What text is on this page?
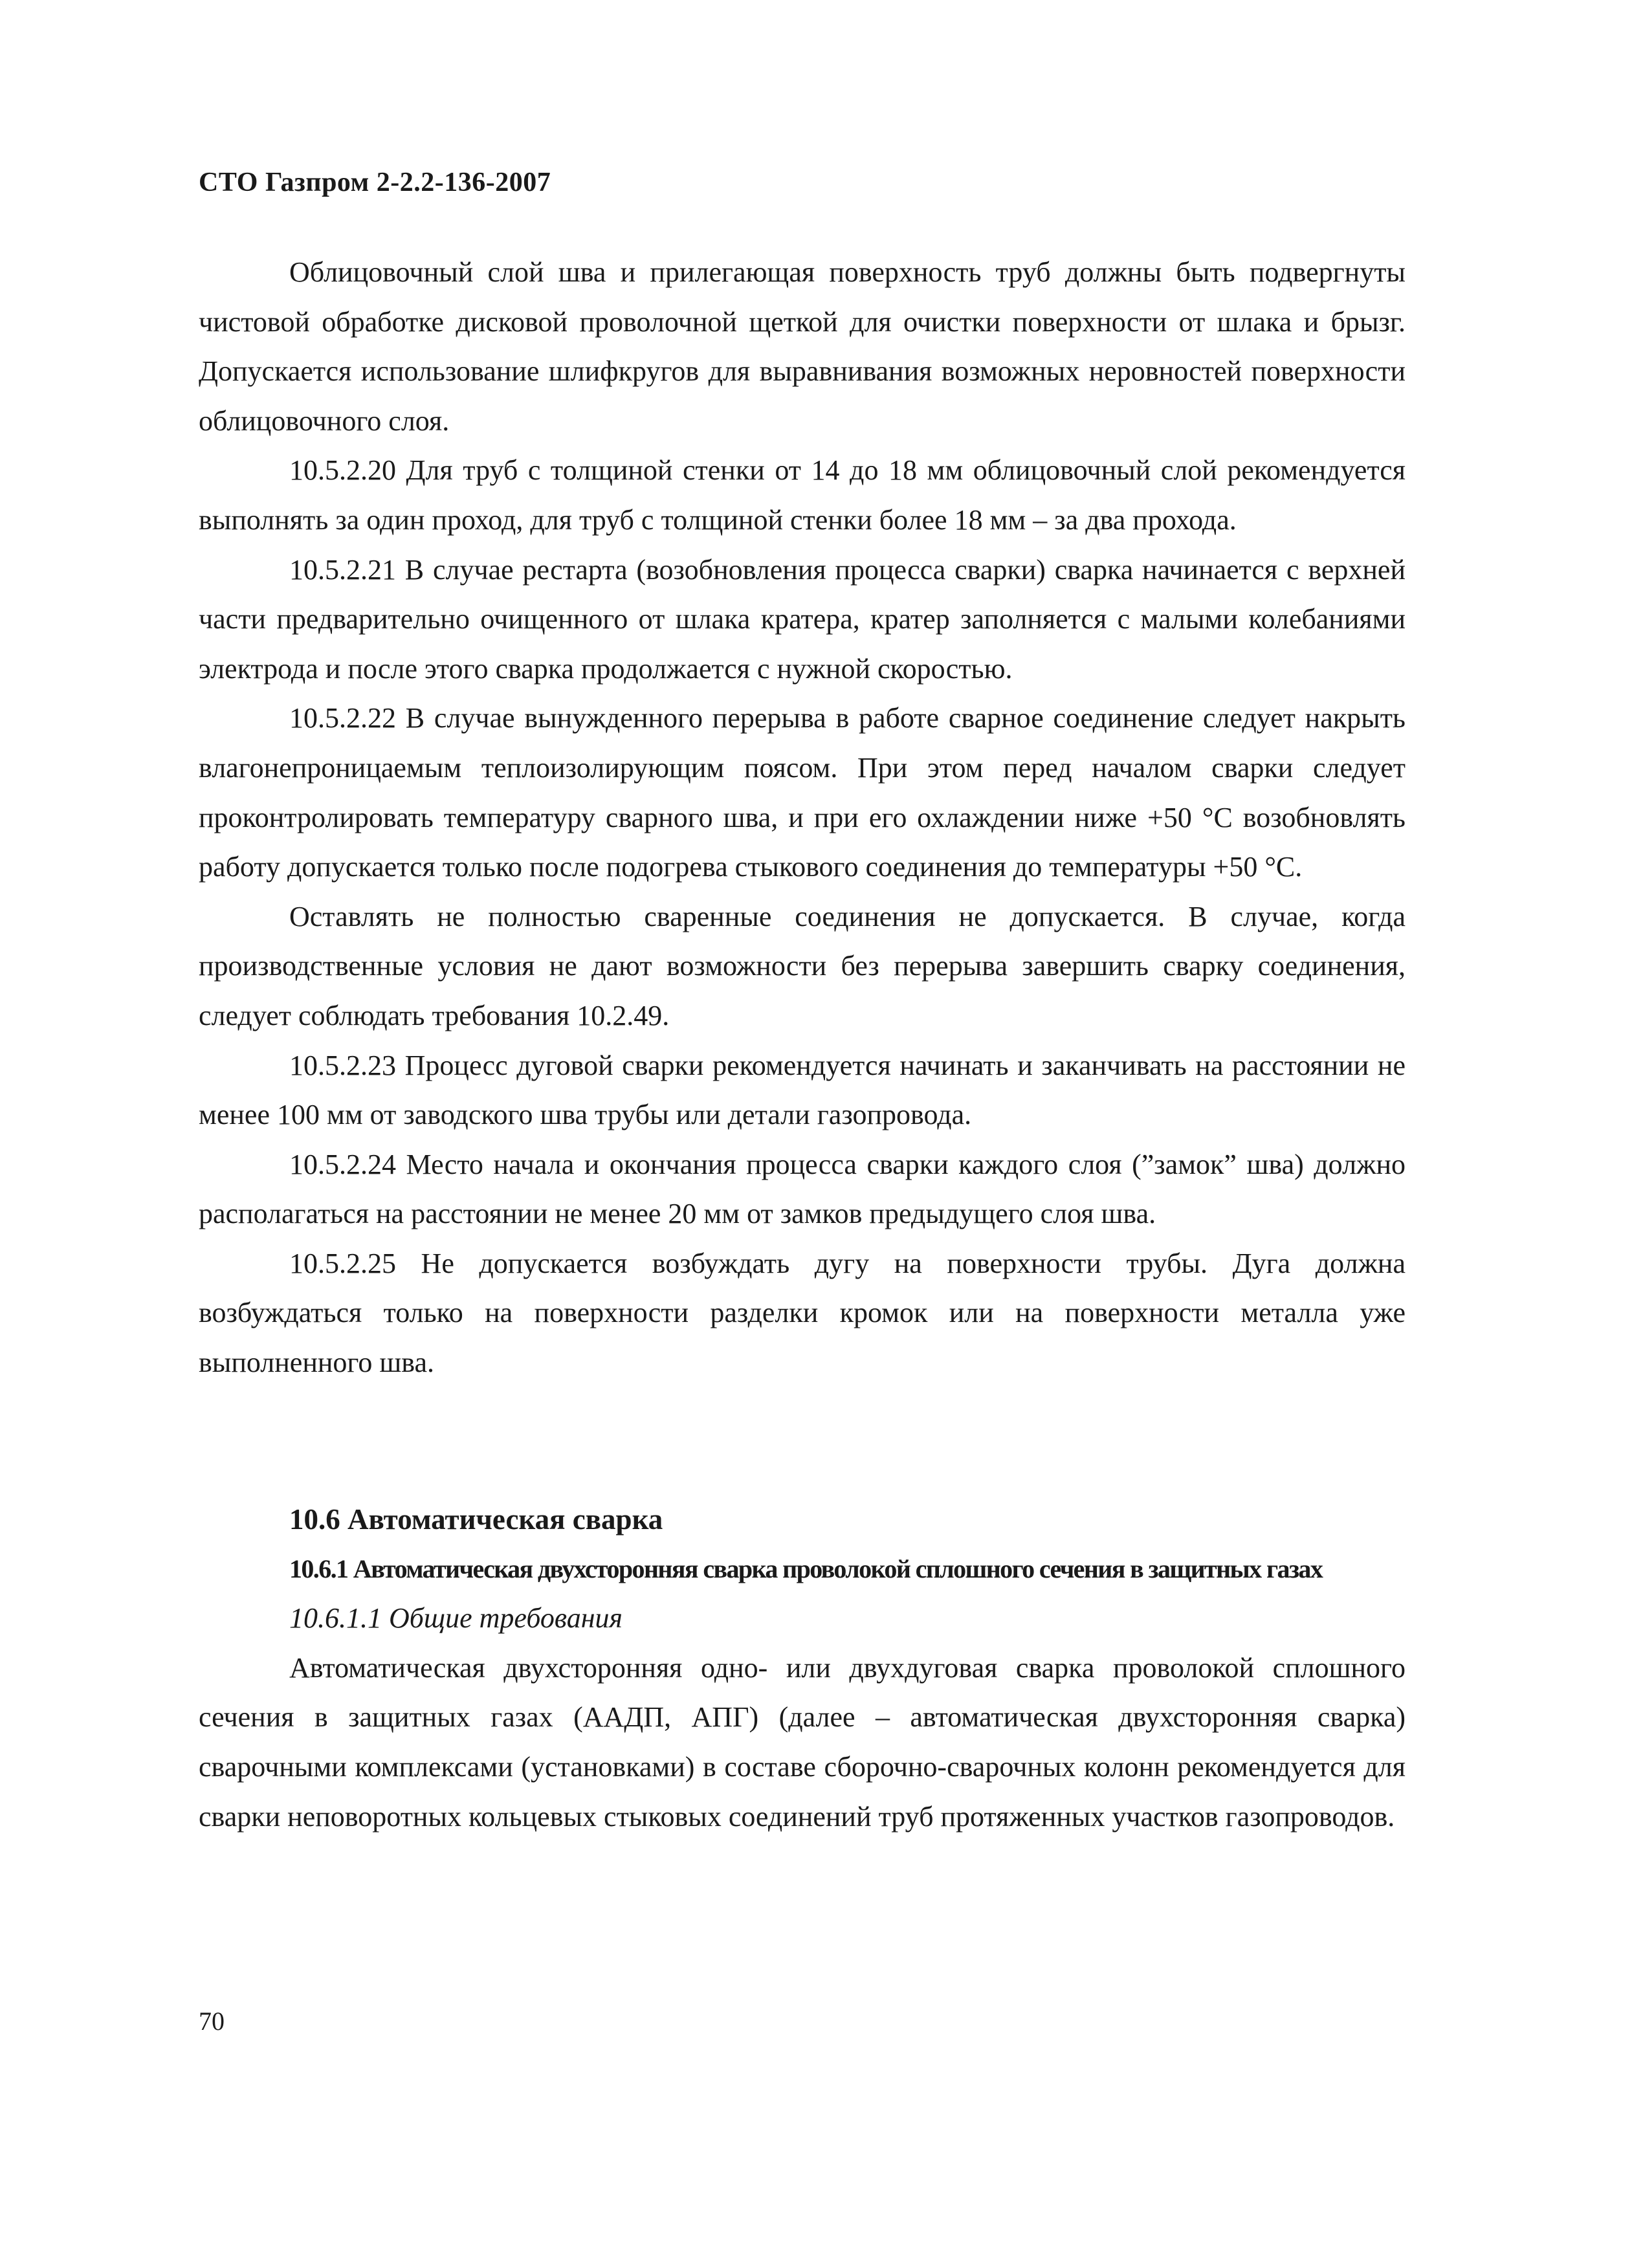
СТО Газпром 2-2.2-136-2007

Облицовочный слой шва и прилегающая поверхность труб должны быть подвергнуты чистовой обработке дисковой проволочной щеткой для очистки поверхности от шлака и брызг. Допускается использование шлифкругов для выравнивания возможных неровностей поверхности облицовочного слоя.

10.5.2.20 Для труб с толщиной стенки от 14 до 18 мм облицовочный слой рекомендуется выполнять за один проход, для труб с толщиной стенки более 18 мм – за два прохода.

10.5.2.21 В случае рестарта (возобновления процесса сварки) сварка начинается с верхней части предварительно очищенного от шлака кратера, кратер заполняется с малыми колебаниями электрода и после этого сварка продолжается с нужной скоростью.

10.5.2.22 В случае вынужденного перерыва в работе сварное соединение следует накрыть влагонепроницаемым теплоизолирующим поясом. При этом перед началом сварки следует проконтролировать температуру сварного шва, и при его охлаждении ниже +50 °С возобновлять работу допускается только после подогрева стыкового соединения до температуры +50 °С.

Оставлять не полностью сваренные соединения не допускается. В случае, когда производственные условия не дают возможности без перерыва завершить сварку соединения, следует соблюдать требования 10.2.49.

10.5.2.23 Процесс дуговой сварки рекомендуется начинать и заканчивать на расстоянии не менее 100 мм от заводского шва трубы или детали газопровода.

10.5.2.24 Место начала и окончания процесса сварки каждого слоя (”замок” шва) должно располагаться на расстоянии не менее 20 мм от замков предыдущего слоя шва.

10.5.2.25 Не допускается возбуждать дугу на поверхности трубы. Дуга должна возбуждаться только на поверхности разделки кромок или на поверхности металла уже выполненного шва.

10.6 Автоматическая сварка
10.6.1 Автоматическая двухсторонняя сварка проволокой сплошного сечения в защитных газах
10.6.1.1 Общие требования

Автоматическая двухсторонняя одно- или двухдуговая сварка проволокой сплошного сечения в защитных газах (ААДП, АПГ) (далее – автоматическая двухсторонняя сварка) сварочными комплексами (установками) в составе сборочно-сварочных колонн рекомендуется для сварки неповоротных кольцевых стыковых соединений труб протяженных участков газопроводов.

70
